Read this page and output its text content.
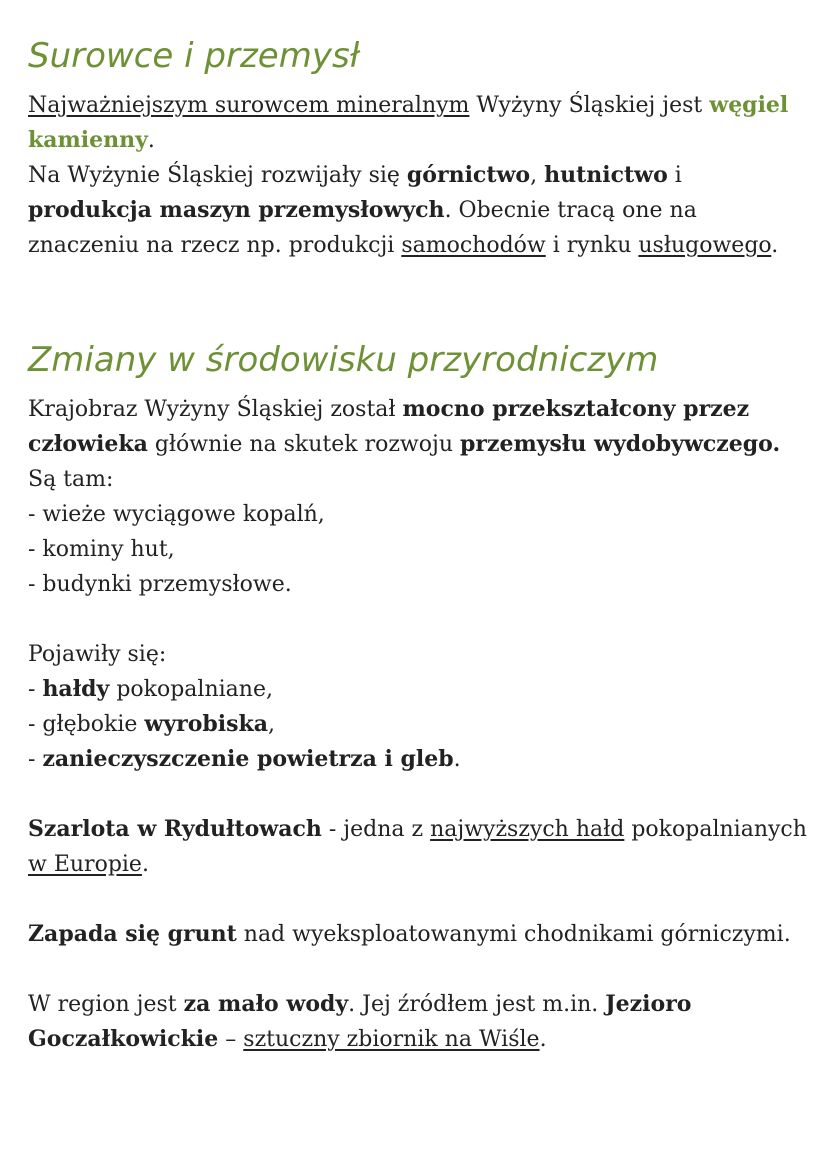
Surowce i przemysł

Najważniejszym surowcem mineralnym Wyżyny Śląskiej jest węgiel kamienny.

Na Wyżynie Śląskiej rozwijały się górnictwo, hutnictwo i produkcja maszyn przemysłowych. Obecnie tracą one na znaczeniu na rzecz np. produkcji samochodów i rynku usługowego.

Zmiany w środowisku przyrodniczym

Krajobraz Wyżyny Śląskiej został mocno przekształcony przez człowieka głównie na skutek rozwoju przemysłu wydobywczego.

Są tam:

- wieże wyciągowe kopalń,

- kominy hut,

- budynki przemysłowe.

Pojawiły się:

- hałdy pokopalniane,

- głębokie wyrobiska,

- zanieczyszczenie powietrza i gleb.

Szarlota w Rydułtowach - jedna z najwyższych hałd pokopalnianych w Europie.

Zapada się grunt nad wyeksploatowanymi chodnikami górniczymi.

W region jest za mało wody. Jej źródłem jest m.in. Jezioro Goczałkowickie – sztuczny zbiornik na Wiśle.
